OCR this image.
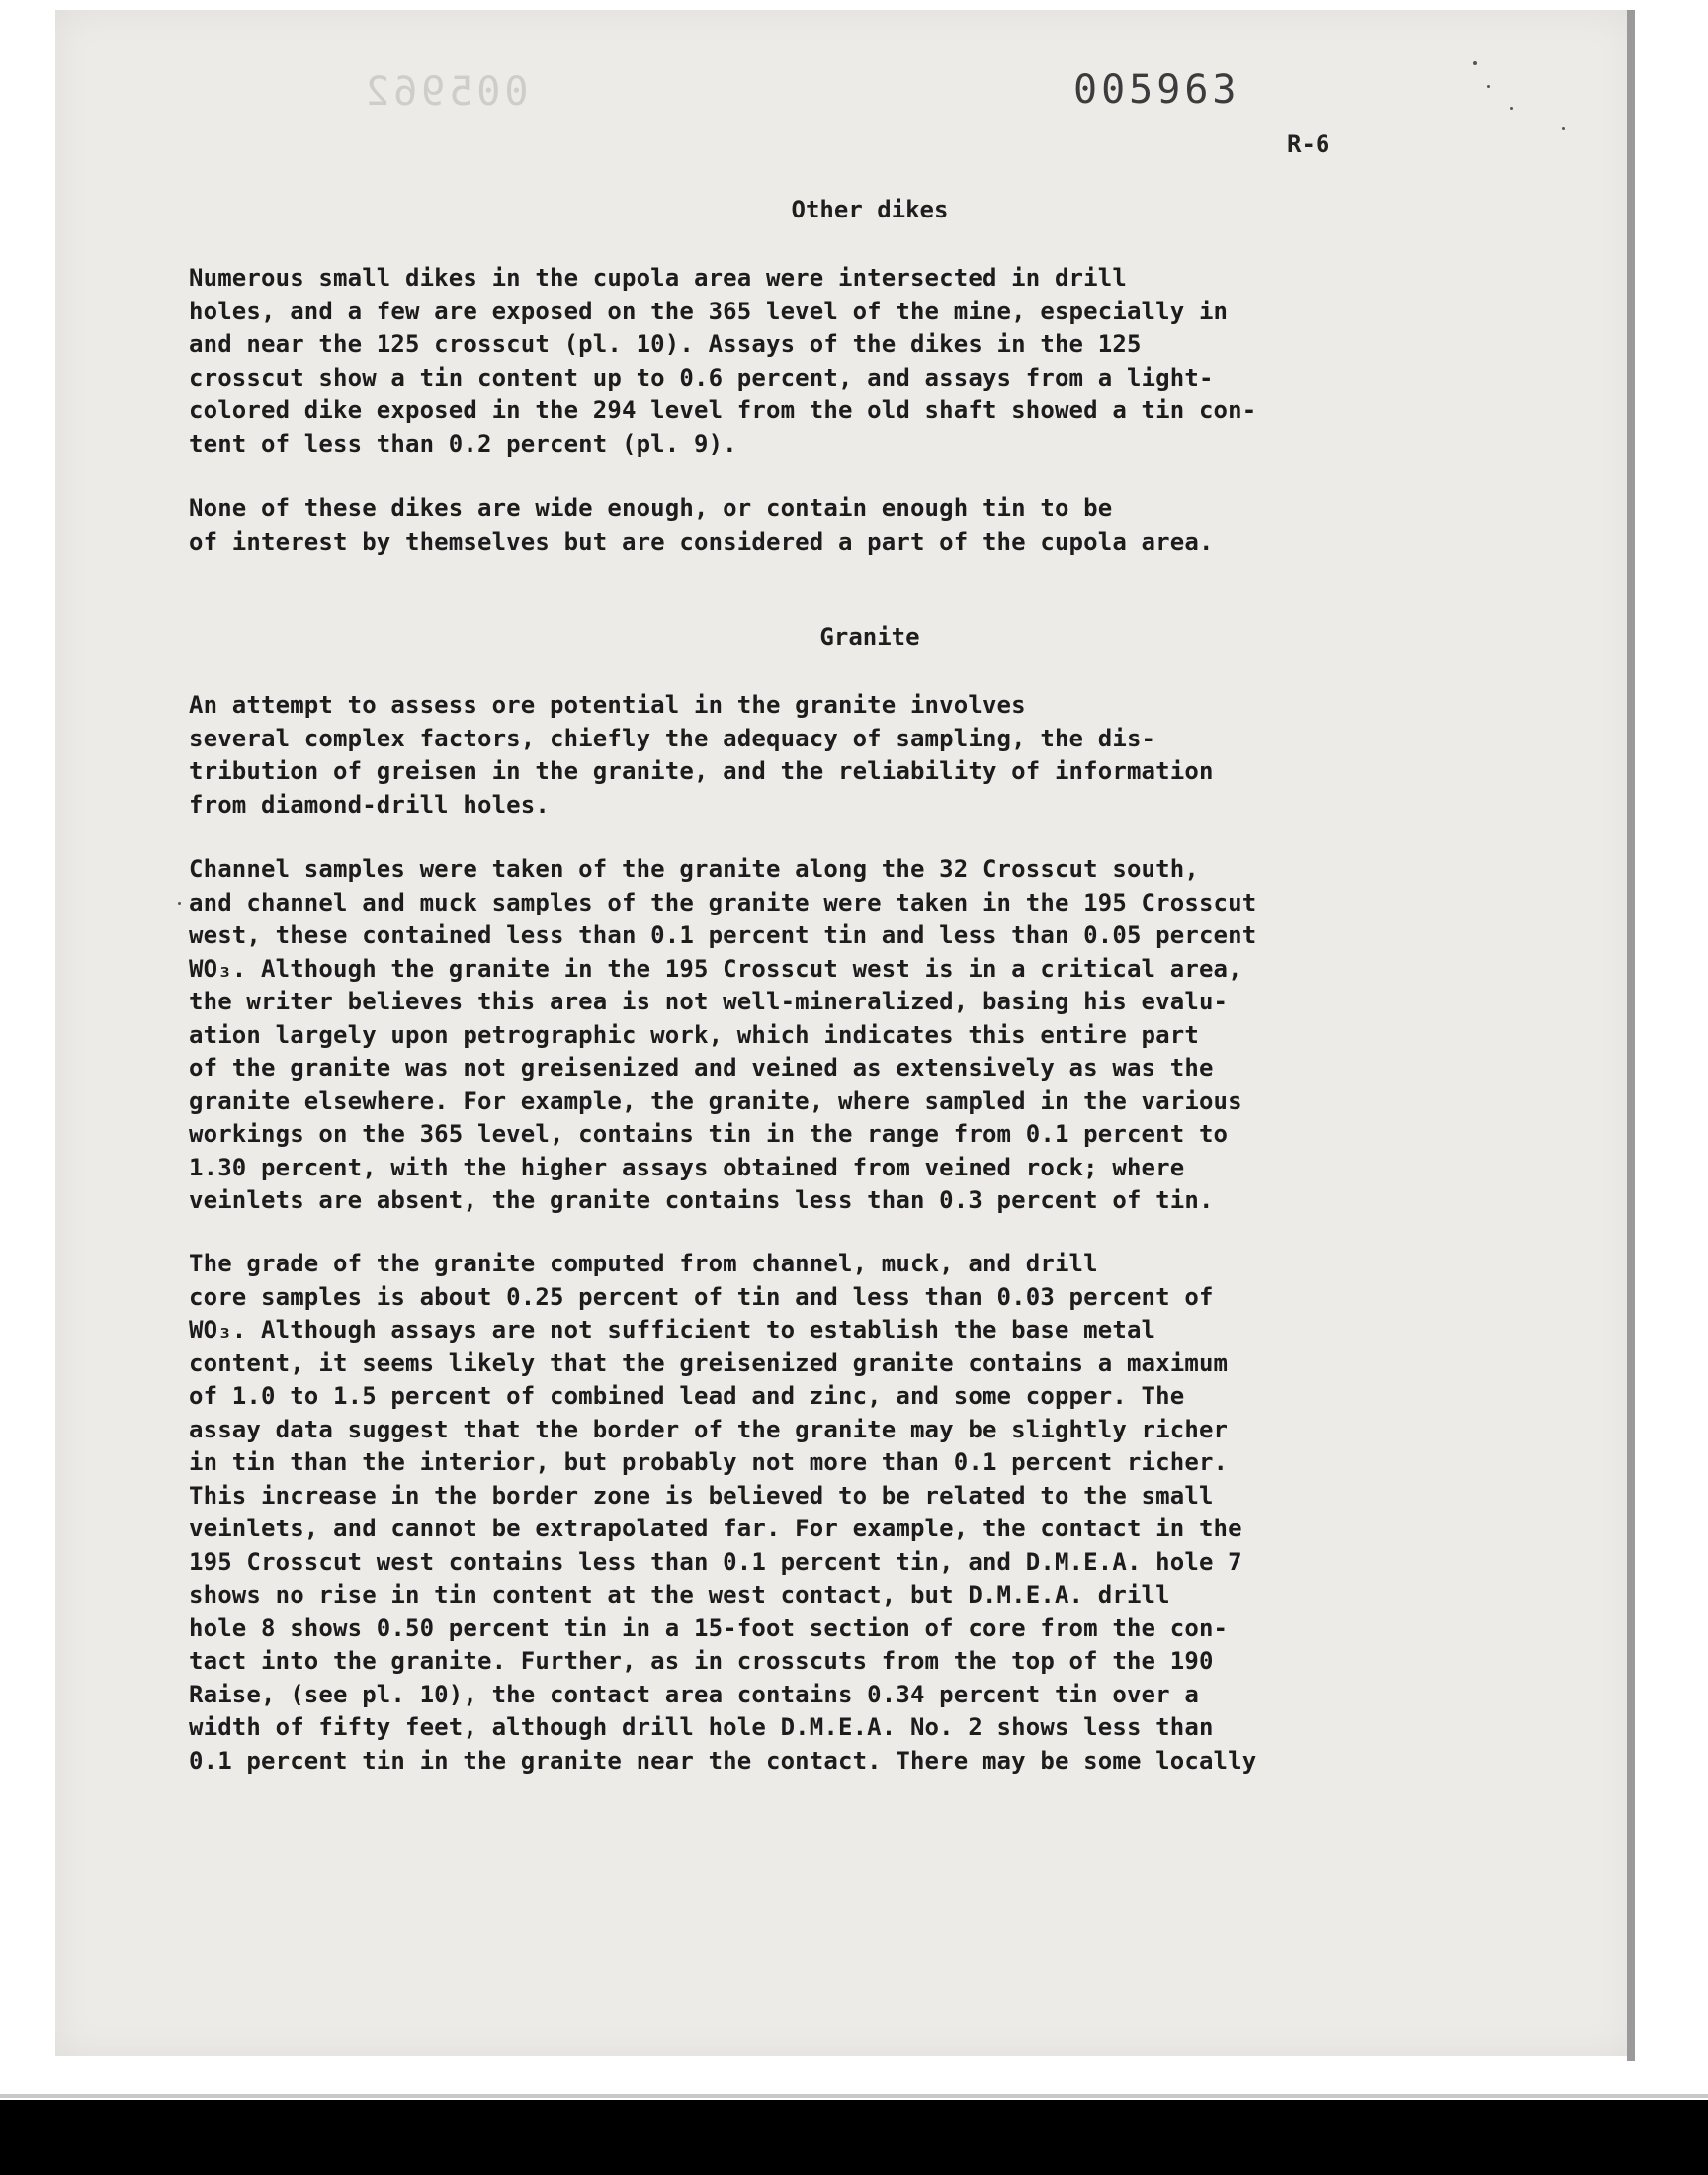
005962	005963
R-6
Other dikes

Numerous small dikes in the cupola area were intersected in drill
holes, and a few are exposed on the 365 level of the mine, especially in
and near the 125 crosscut (pl. 10). Assays of the dikes in the 125
crosscut show a tin content up to 0.6 percent, and assays from a light-
colored dike exposed in the 294 level from the old shaft showed a tin con-
tent of less than 0.2 percent (pl. 9).

None of these dikes are wide enough, or contain enough tin to be
of interest by themselves but are considered a part of the cupola area.

Granite

An attempt to assess ore potential in the granite involves
several complex factors, chiefly the adequacy of sampling, the dis-
tribution of greisen in the granite, and the reliability of information
from diamond-drill holes.

Channel samples were taken of the granite along the 32 Crosscut south,
and channel and muck samples of the granite were taken in the 195 Crosscut
west, these contained less than 0.1 percent tin and less than 0.05 percent
WO₃. Although the granite in the 195 Crosscut west is in a critical area,
the writer believes this area is not well-mineralized, basing his evalu-
ation largely upon petrographic work, which indicates this entire part
of the granite was not greisenized and veined as extensively as was the
granite elsewhere. For example, the granite, where sampled in the various
workings on the 365 level, contains tin in the range from 0.1 percent to
1.30 percent, with the higher assays obtained from veined rock; where
veinlets are absent, the granite contains less than 0.3 percent of tin.

The grade of the granite computed from channel, muck, and drill
core samples is about 0.25 percent of tin and less than 0.03 percent of
WO₃. Although assays are not sufficient to establish the base metal
content, it seems likely that the greisenized granite contains a maximum
of 1.0 to 1.5 percent of combined lead and zinc, and some copper. The
assay data suggest that the border of the granite may be slightly richer
in tin than the interior, but probably not more than 0.1 percent richer.
This increase in the border zone is believed to be related to the small
veinlets, and cannot be extrapolated far. For example, the contact in the
195 Crosscut west contains less than 0.1 percent tin, and D.M.E.A. hole 7
shows no rise in tin content at the west contact, but D.M.E.A. drill
hole 8 shows 0.50 percent tin in a 15-foot section of core from the con-
tact into the granite. Further, as in crosscuts from the top of the 190
Raise, (see pl. 10), the contact area contains 0.34 percent tin over a
width of fifty feet, although drill hole D.M.E.A. No. 2 shows less than
0.1 percent tin in the granite near the contact. There may be some locally
